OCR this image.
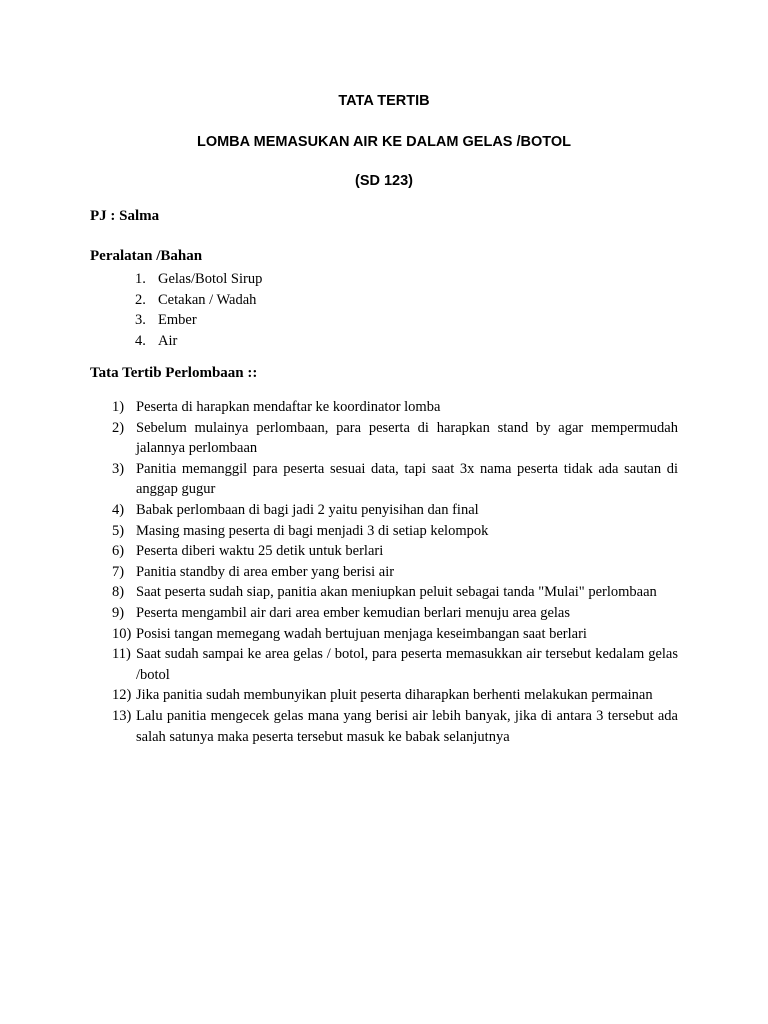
TATA TERTIB
LOMBA MEMASUKAN AIR KE DALAM GELAS /BOTOL
(SD 123)
PJ : Salma
Peralatan /Bahan
1. Gelas/Botol Sirup
2. Cetakan / Wadah
3. Ember
4. Air
Tata Tertib Perlombaan ::
1) Peserta di harapkan mendaftar ke koordinator lomba
2) Sebelum mulainya perlombaan, para peserta di harapkan stand by agar mempermudah jalannya perlombaan
3) Panitia memanggil para peserta sesuai data, tapi saat 3x nama peserta tidak ada sautan di anggap gugur
4) Babak perlombaan di bagi jadi 2 yaitu penyisihan dan final
5) Masing masing peserta di bagi menjadi 3 di setiap kelompok
6) Peserta diberi waktu 25 detik untuk berlari
7) Panitia standby di area ember yang berisi air
8) Saat peserta sudah siap, panitia akan meniupkan peluit sebagai tanda "Mulai" perlombaan
9) Peserta mengambil air dari area ember kemudian berlari menuju area gelas
10) Posisi tangan memegang wadah bertujuan menjaga keseimbangan saat berlari
11) Saat sudah sampai ke area gelas / botol, para peserta memasukkan air tersebut kedalam gelas /botol
12) Jika panitia sudah membunyikan pluit peserta diharapkan berhenti melakukan permainan
13) Lalu panitia mengecek gelas mana yang berisi air lebih banyak, jika di antara 3 tersebut ada salah satunya maka peserta tersebut masuk ke babak selanjutnya
